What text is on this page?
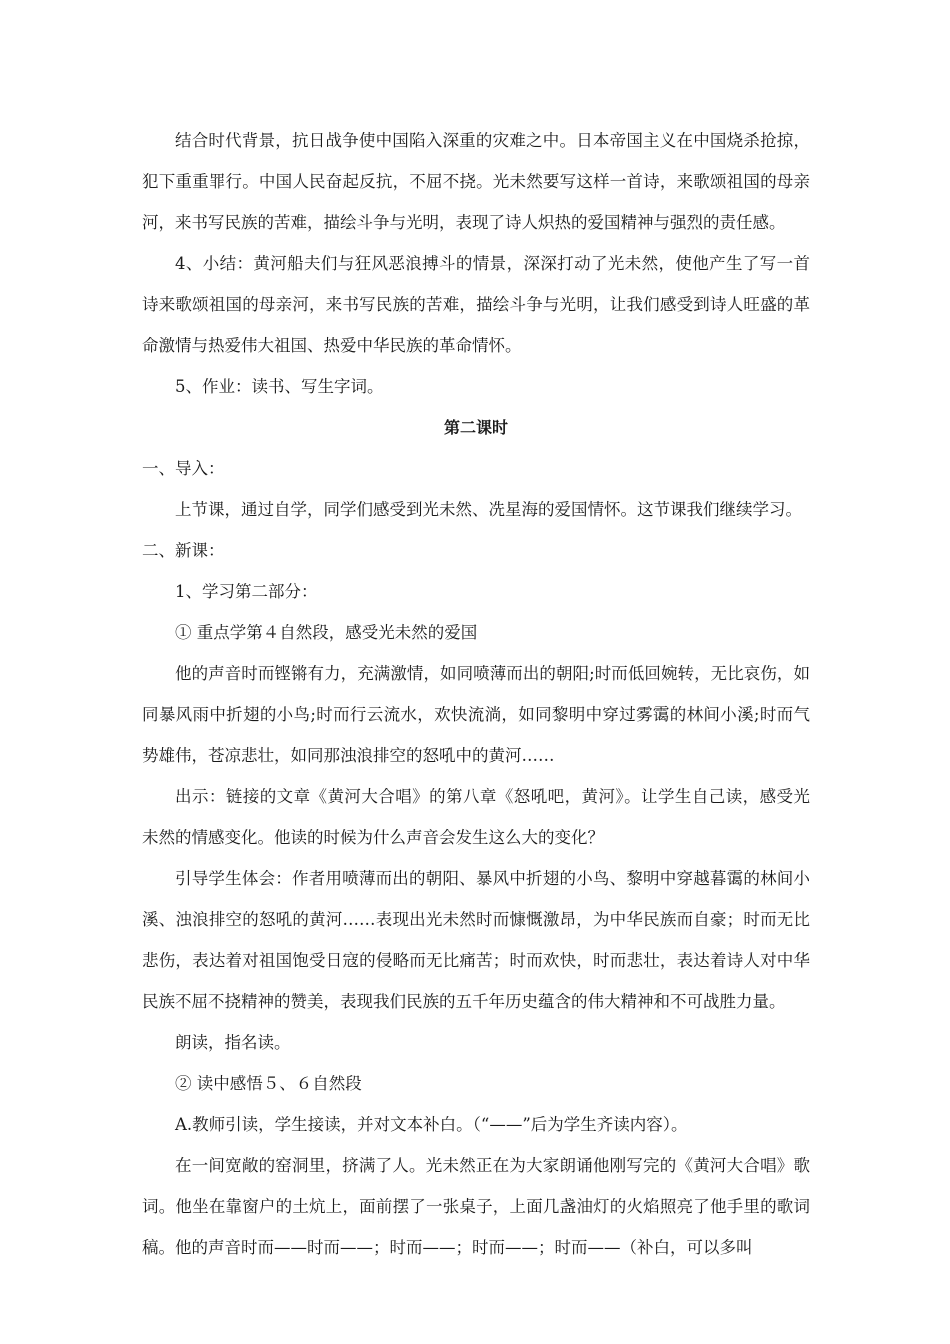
结合时代背景，抗日战争使中国陷入深重的灾难之中。日本帝国主义在中国烧杀抢掠，犯下重重罪行。中国人民奋起反抗，不屈不挠。光未然要写这样一首诗，来歌颂祖国的母亲河，来书写民族的苦难，描绘斗争与光明，表现了诗人炽热的爱国精神与强烈的责任感。

4、小结：黄河船夫们与狂风恶浪搏斗的情景，深深打动了光未然，使他产生了写一首诗来歌颂祖国的母亲河，来书写民族的苦难，描绘斗争与光明，让我们感受到诗人旺盛的革命激情与热爱伟大祖国、热爱中华民族的革命情怀。

5、作业：读书、写生字词。

第二课时

一、导入：

上节课，通过自学，同学们感受到光未然、冼星海的爱国情怀。这节课我们继续学习。

二、新课：

1、学习第二部分：

① 重点学第４自然段，感受光未然的爱国

他的声音时而铿锵有力，充满激情，如同喷薄而出的朝阳;时而低回婉转，无比哀伤，如同暴风雨中折翅的小鸟;时而行云流水，欢快流淌，如同黎明中穿过雾霭的林间小溪;时而气势雄伟，苍凉悲壮，如同那浊浪排空的怒吼中的黄河……

出示：链接的文章《黄河大合唱》的第八章《怒吼吧，黄河》。让学生自己读，感受光未然的情感变化。他读的时候为什么声音会发生这么大的变化？

引导学生体会：作者用喷薄而出的朝阳、暴风中折翅的小鸟、黎明中穿越暮霭的林间小溪、浊浪排空的怒吼的黄河……表现出光未然时而慷慨激昂，为中华民族而自豪；时而无比悲伤，表达着对祖国饱受日寇的侵略而无比痛苦；时而欢快，时而悲壮，表达着诗人对中华民族不屈不挠精神的赞美，表现我们民族的五千年历史蕴含的伟大精神和不可战胜力量。

朗读，指名读。

② 读中感悟５、６自然段

A.教师引读，学生接读，并对文本补白。（“——”后为学生齐读内容）。

在一间宽敞的窑洞里，挤满了人。光未然正在为大家朗诵他刚写完的《黄河大合唱》歌词。他坐在靠窗户的土炕上，面前摆了一张桌子，上面几盏油灯的火焰照亮了他手里的歌词稿。他的声音时而——时而——；时而——；时而——；时而——（补白，可以多叫
